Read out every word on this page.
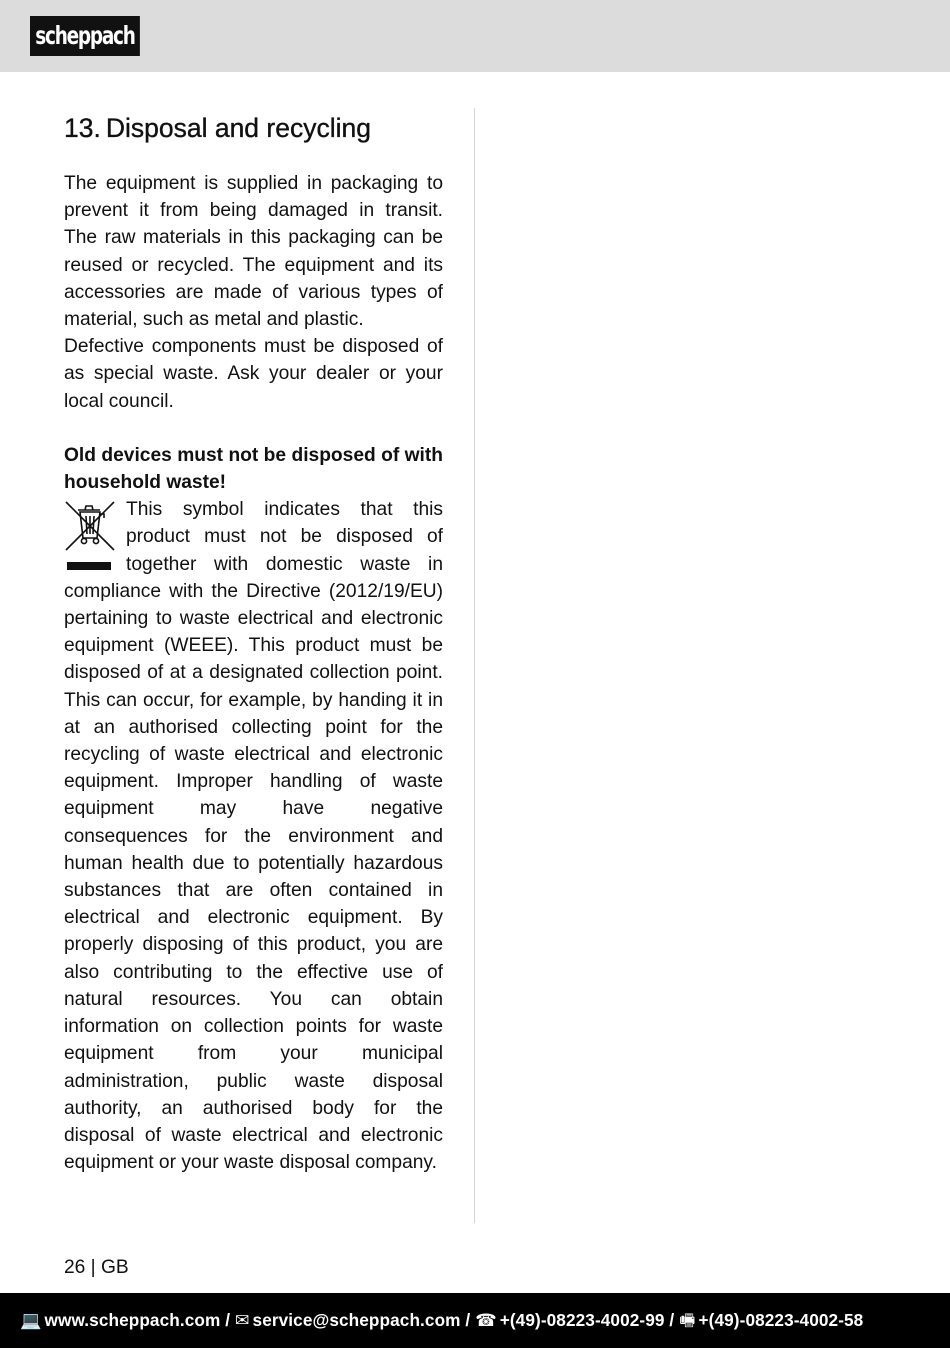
scheppach
13. Disposal and recycling

The equipment is supplied in packaging to prevent it from being damaged in transit. The raw materials in this packaging can be reused or recycled. The equipment and its accessories are made of various types of material, such as metal and plastic.

Defective components must be disposed of as special waste. Ask your dealer or your local council.

Old devices must not be disposed of with household waste!

This symbol indicates that this product must not be disposed of together with domestic waste in compliance with the Directive (2012/19/​EU) pertaining to waste electrical and electronic equipment (WEEE). This product must be disposed of at a designated collection point. This can occur, for example, by handing it in at an authorised collecting point for the recycling of waste electrical and electronic equipment. Improper handling of waste equipment may have negative consequences for the environment and human health due to potentially hazardous substances that are often contained in electrical and electronic equipment. By properly disposing of this product, you are also contributing to the effective use of natural resources. You can obtain information on collection points for waste equipment from your municipal administration, public waste disposal authority, an authorised body for the disposal of waste electrical and electronic equipment or your waste disposal company.
26 | GB
💻 www.scheppach.com / ✉ service@scheppach.com / ☎ +(49)-08223-4002-99 / 🖷 +(49)-08223-4002-58
